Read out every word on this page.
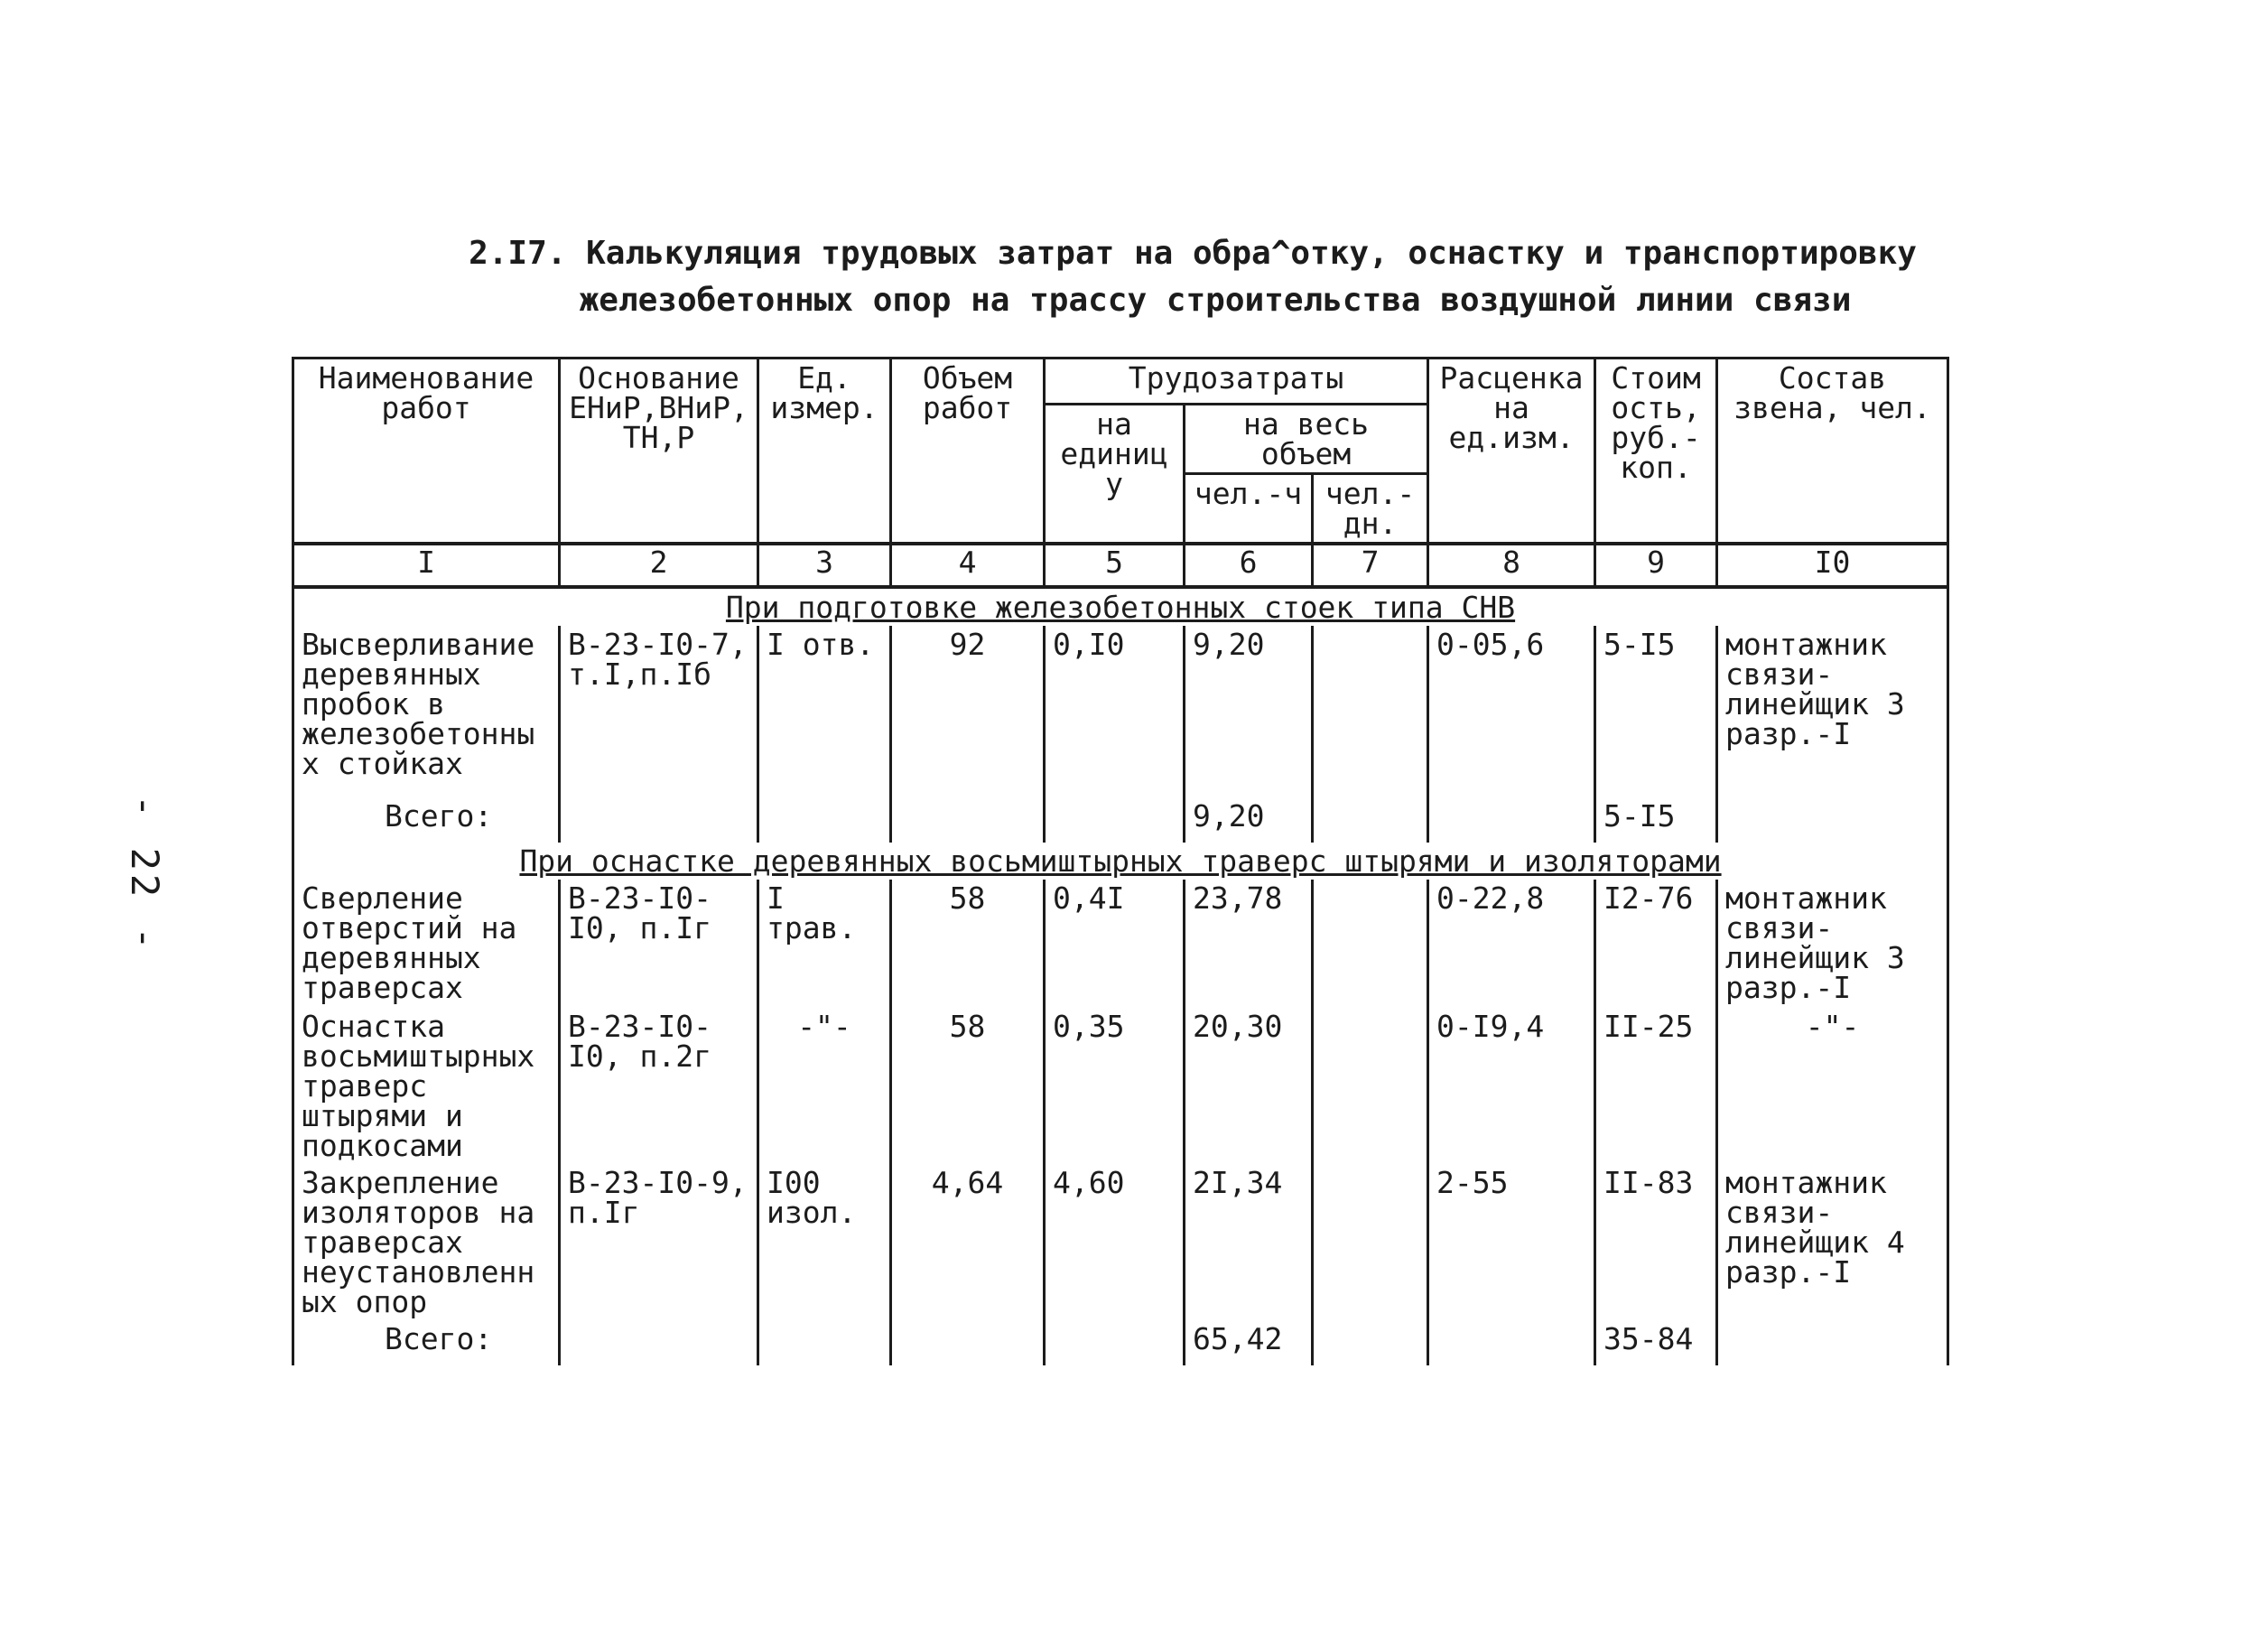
- 22 -
2.I7. Калькуляция трудовых затрат на обра^отку, оснастку и транспортировку
железобетонных опор на трассу строительства воздушной линии связи
Наименование работ	Основание ЕНиР,ВНиР, ТН,Р	Ед. измер.	Объем работ	Трудозатраты			Расценка на ед.изм.	Стоимость, руб.-коп.	Состав звена, чел.
				на единицу	на весь объем				
					чел.-ч	чел.-дн.			
I	2	3	4	5	6	7	8	9	I0
При подготовке железобетонных стоек типа СНВ									
Высверливание деревянных пробок в железобетонных стойках	В-23-I0-7, т.I,п.Iб	I отв.	92	0,I0	9,20		0-05,6	5-I5	монтажник связи-линейщик 3 разр.-I
Всего:					9,20			5-I5	
При оснастке деревянных восьмиштырных траверс штырями и изоляторами									
Сверление отверстий на деревянных траверсах	В-23-I0-I0, п.Iг	I трав.	58	0,4I	23,78		0-22,8	I2-76	монтажник связи-линейщик 3 разр.-I
Оснастка восьмиштырных траверс штырями и подкосами	В-23-I0-I0, п.2г	-"-	58	0,35	20,30		0-I9,4	II-25	-"-
Закрепление изоляторов на траверсах неустановленных опор	В-23-I0-9, п.Iг	I00 изол.	4,64	4,60	2I,34		2-55	II-83	монтажник связи-линейщик 4 разр.-I
Всего:					65,42			35-84	
